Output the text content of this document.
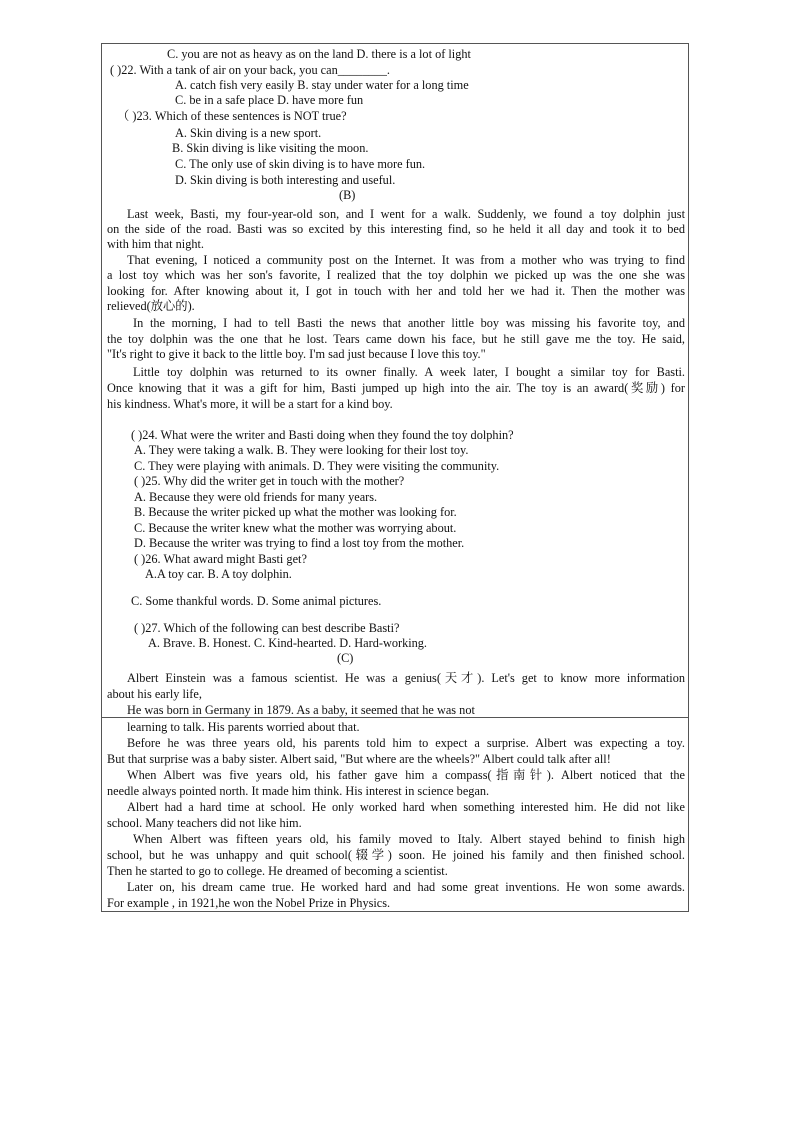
C. you are not as heavy as on the land D. there is a lot of light
( )22. With a tank of air on your back, you can________.
A. catch fish very easily B. stay under water for a long time
C. be in a safe place D. have more fun
（ )23. Which of these sentences is NOT true?
A. Skin diving is a new sport.
B. Skin diving is like visiting the moon.
C. The only use of skin diving is to have more fun.
D. Skin diving is both interesting and useful.
(B)
Last week, Basti, my four-year-old son, and I went for a walk. Suddenly, we found a toy dolphin just
on the side of the road. Basti was so excited by this interesting find, so he held it all day and took it to bed
with him that night.
That evening, I noticed a community post on the Internet. It was from a mother who was trying to find
a lost toy which was her son's favorite, I realized that the toy dolphin we picked up was the one she was
looking for. After knowing about it, I got in touch with her and told her we had it. Then the mother was
relieved(放心的).
In the morning, I had to tell Basti the news that another little boy was missing his favorite toy, and
the toy dolphin was the one that he lost. Tears came down his face, but he still gave me the toy. He said,
"It's right to give it back to the little boy. I'm sad just because I love this toy."
Little toy dolphin was returned to its owner finally. A week later, I bought a similar toy for Basti.
Once knowing that it was a gift for him, Basti jumped up high into the air. The toy is an award(奖励) for
his kindness. What's more, it will be a start for a kind boy.
( )24. What were the writer and Basti doing when they found the toy dolphin?
A. They were taking a walk. B. They were looking for their lost toy.
C. They were playing with animals. D. They were visiting the community.
( )25. Why did the writer get in touch with the mother?
A. Because they were old friends for many years.
B. Because the writer picked up what the mother was looking for.
C. Because the writer knew what the mother was worrying about.
D. Because the writer was trying to find a lost toy from the mother.
( )26. What award might Basti get?
A.A toy car. B. A toy dolphin.
C. Some thankful words. D. Some animal pictures.
( )27. Which of the following can best describe Basti?
A. Brave. B. Honest. C. Kind-hearted. D. Hard-working.
(C)
Albert Einstein was a famous scientist. He was a genius(天才). Let's get to know more information
about his early life,
He was born in Germany in 1879. As a baby, it seemed that he was not
learning to talk. His parents worried about that.
Before he was three years old, his parents told him to expect a surprise. Albert was expecting a toy.
But that surprise was a baby sister. Albert said, "But where are the wheels?" Albert could talk after all!
When Albert was five years old, his father gave him a compass(指南针). Albert noticed that the
needle always pointed north. It made him think. His interest in science began.
Albert had a hard time at school. He only worked hard when something interested him. He did not like
school. Many teachers did not like him.
When Albert was fifteen years old, his family moved to Italy. Albert stayed behind to finish high
school, but he was unhappy and quit school(辍学) soon. He joined his family and then finished school.
Then he started to go to college. He dreamed of becoming a scientist.
Later on, his dream came true. He worked hard and had some great inventions. He won some awards.
For example , in 1921,he won the Nobel Prize in Physics.
